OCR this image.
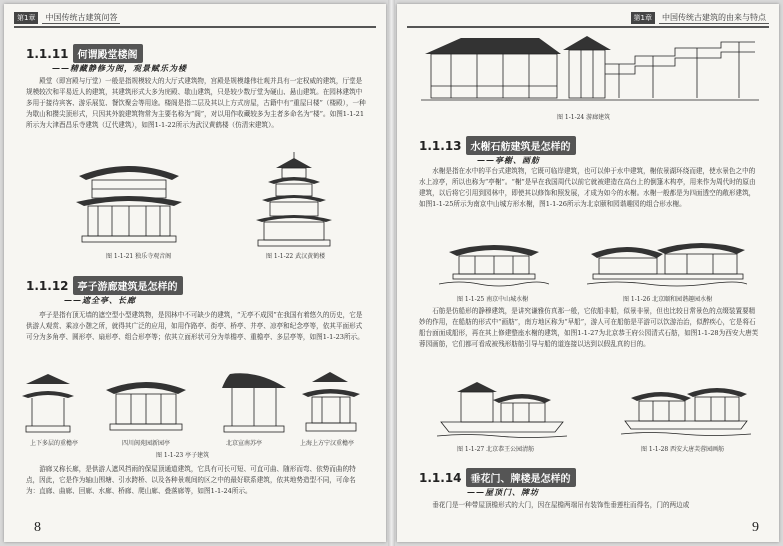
第1章	中国传统古建筑问答
1.1.11 何谓殿堂楼阁
——精藏静修为阁，观景赋乐为楼
殿堂（即宫殿与厅堂）一般是指规模较大的大厅式建筑物，宫殿是规模雄伟壮观并具有一定权威的建筑，厅堂是规模较次和平易近人的建筑，其建筑形式大多为庑殿、歇山建筑，只是较少数厅堂为硬山、悬山建筑。在园林建筑中多用于接待宾客、游乐展览、餐饮聚会等用途。楼阁是指二层及其以上方式房屋，古籍中有“重屋曰楼”（楼殿），一种为歇山和攒尖顶形式，只因其外貌建筑物常为主要名称为“阁”，对以用作收藏较多为主者多命名为“楼”。如图1-1-21所示为大津酉昌乐寺建筑（辽代建筑），如图1-1-22所示为武汉黄鹤楼（仿清宋建筑）。
图 1-1-21 独乐寺观音阁	图 1-1-22 武汉黄鹤楼
1.1.12 亭子游廊建筑是怎样的
——遮全亭、长廊
亭子是指有顶无墙的遮空型小型建筑物，是园林中不可缺少的建筑，“无亭不成园”在我国有着悠久的历史，它是供游人观赏、乘凉小憩之所，就得其广泛的应用，如用作路亭、街亭、桥亭、井亭、凉亭和纪念亭等，依其平面形式可分为多角亭、圆形亭、扇形亭、组合形亭等；依其立面形状可分为单檐亭、重檐亭、多层亭等，如图1-1-23所示。
上下多层的重檐亭	四川阆苑园新园亭	北京宣南苏亭	上海上方宁汉重檐亭
图 1-1-23 亭子建筑
游廊又称长廊，是供游人遮风挡雨的保屋顶通道建筑，它具有可长可短、可直可曲、随形而弯、依势而曲的特点，因此，它是作为轴山围塘、引水跨桥、以及各种景观间的区之中的最好联系建筑，依其地势造型不同，可命名为：直廊、曲廊、回廊、水廊、桥廊、爬山廊、叠落廊等，如图1-1-24所示。
8
第1章	中国传统古建筑的由来与特点
图 1-1-24 游廊建筑
1.1.13 水榭石舫建筑是怎样的
——亭榭、画舫
水榭是指在水中的平台式建筑物，它既可临岸建筑，也可以伸于水中建筑，榭依景湖环绕而建，使水景色之中的水上凉亭，所以也称为“亭榭”。“榭”是早在我国周代以前它就被建造在高台上的倒篷木构亭，用来作为周代时的原由建筑，以后将它引用到园林中，即使其以修饰和照发展，才成为如今的水榭。水榭一般都是为四面透空的敞形建筑，如图1-1-25所示为南京中山城方形水榭，图1-1-26所示为北京颐和园谐趣园的组合形水榭。
图 1-1-25 南京中山城水榭	图 1-1-26 北京颐和园谐趣园水榭
石舫是仿船形的静穆建筑，是讲究谦雅仿真那一般，它依船非船，似景非景，但也比较日常景色的点缀装置要精妙的作用，在船舫的形式中“画舫”，南方地区称为“早船”，游人可在船舫是平游可以饮游治治，似醉疾心，它是将石船台面面成船形，再在其上修建整座水榭的建筑，如图1-1-27为北京恭王府公园清式石舫，如图1-1-28为西安大唐芙蓉园画舫，它们都可看成被残形舫舫引导与船的道连接以达到以假乱真的目的。
图 1-1-27 北京恭王公园清舫	图 1-1-28 西安大唐芙蓉园画舫
1.1.14 垂花门、牌楼是怎样的
——屋顶门、牌坊
垂花门是一种带屋顶檐形式的大门，因在屋檐两端吊有装饰性垂莲柱而得名，门的两边或
9
